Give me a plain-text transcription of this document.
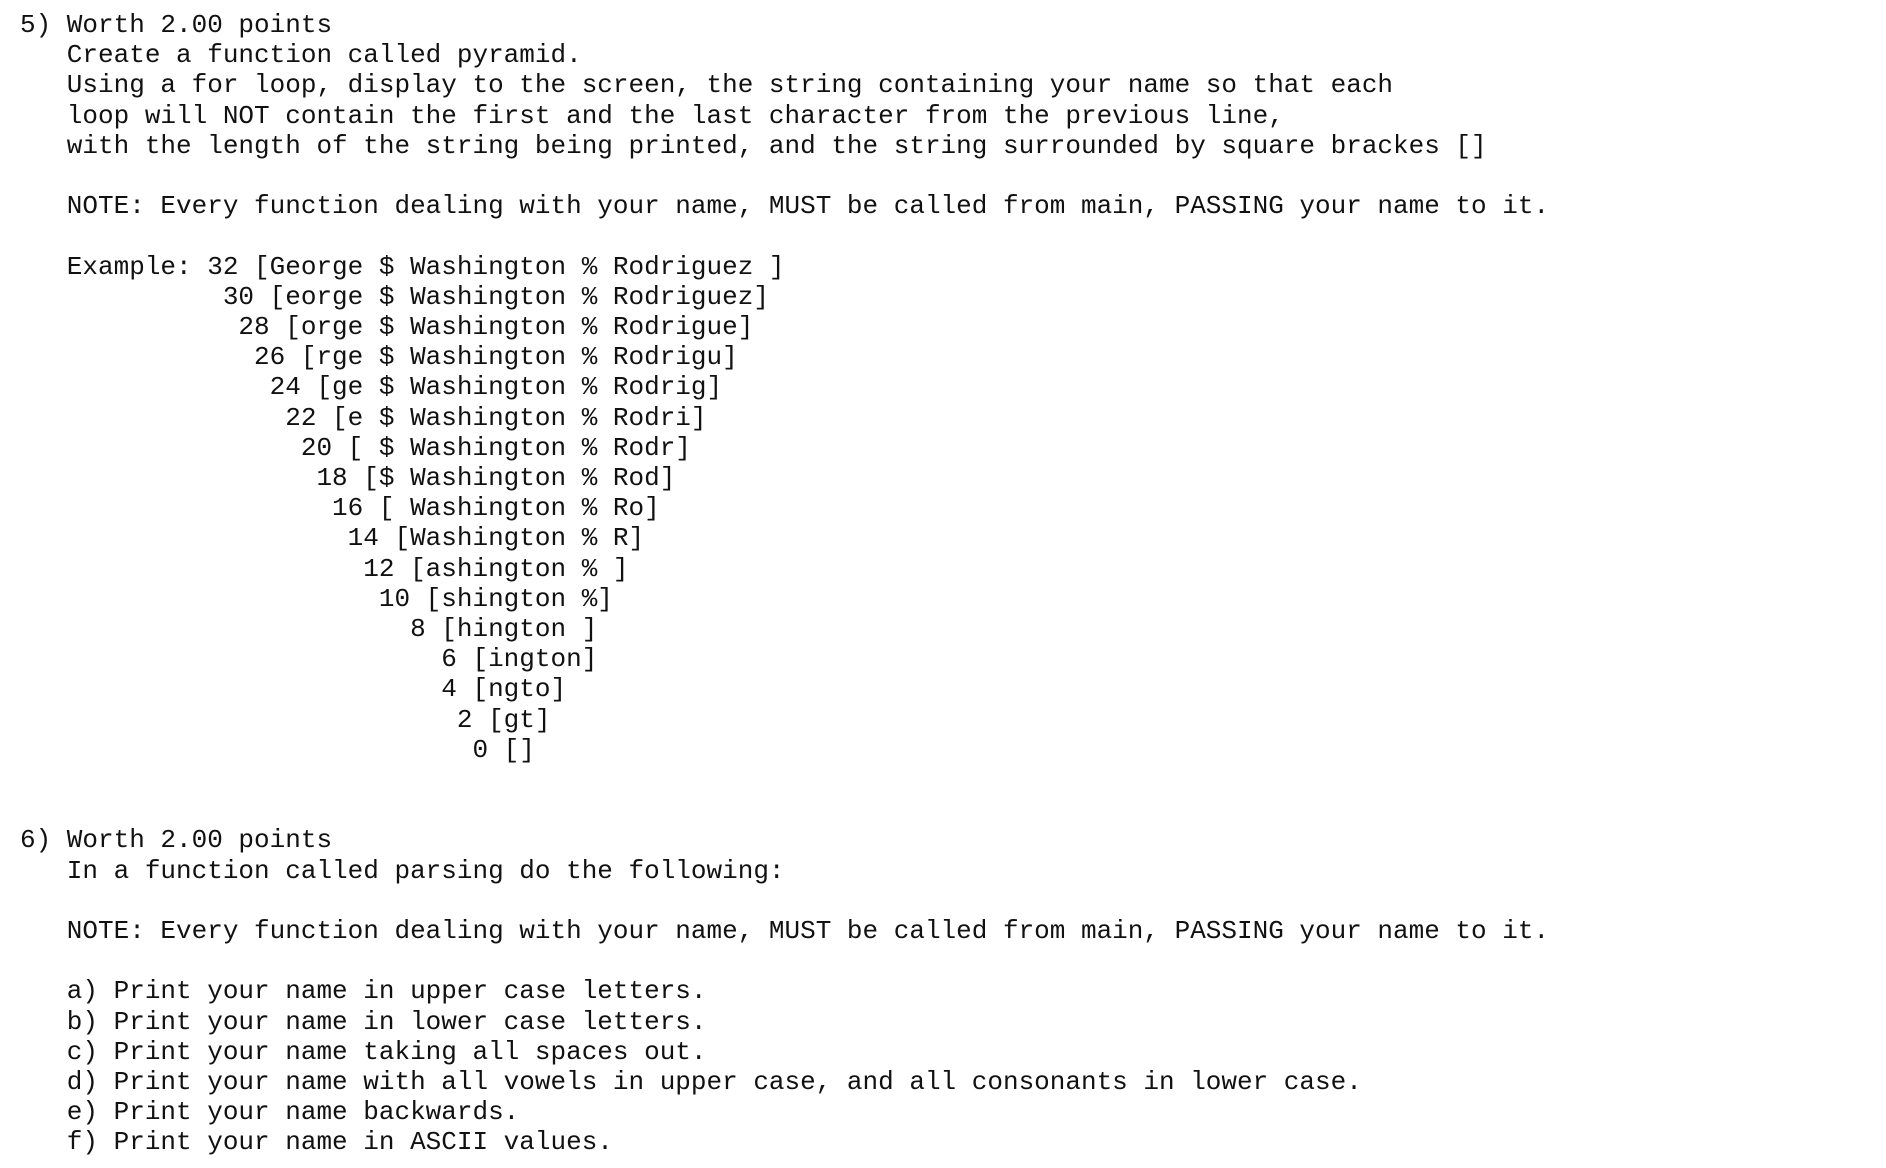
5) Worth 2.00 points
Create a function called pyramid.
Using a for loop, display to the screen, the string containing your name so that each
loop will NOT contain the first and the last character from the previous line,
with the length of the string being printed, and the string surrounded by square brackes []
NOTE: Every function dealing with your name, MUST be called from main, PASSING your name to it.
Example: 32 [George $ Washington % Rodriguez ]
30 [eorge $ Washington % Rodriguez]
28 [orge $ Washington % Rodrigue]
26 [rge $ Washington % Rodrigu]
24 [ge $ Washington % Rodrig]
22 [e $ Washington % Rodri]
20 [ $ Washington % Rodr]
18 [$ Washington % Rod]
16 [ Washington % Ro]
14 [Washington % R]
12 [ashington % ]
10 [shington %]
8 [hington ]
6 [ington]
4 [ngto]
2 [gt]
0 []
6) Worth 2.00 points
In a function called parsing do the following:
NOTE: Every function dealing with your name, MUST be called from main, PASSING your name to it.
a) Print your name in upper case letters.
b) Print your name in lower case letters.
c) Print your name taking all spaces out.
d) Print your name with all vowels in upper case, and all consonants in lower case.
e) Print your name backwards.
f) Print your name in ASCII values.
